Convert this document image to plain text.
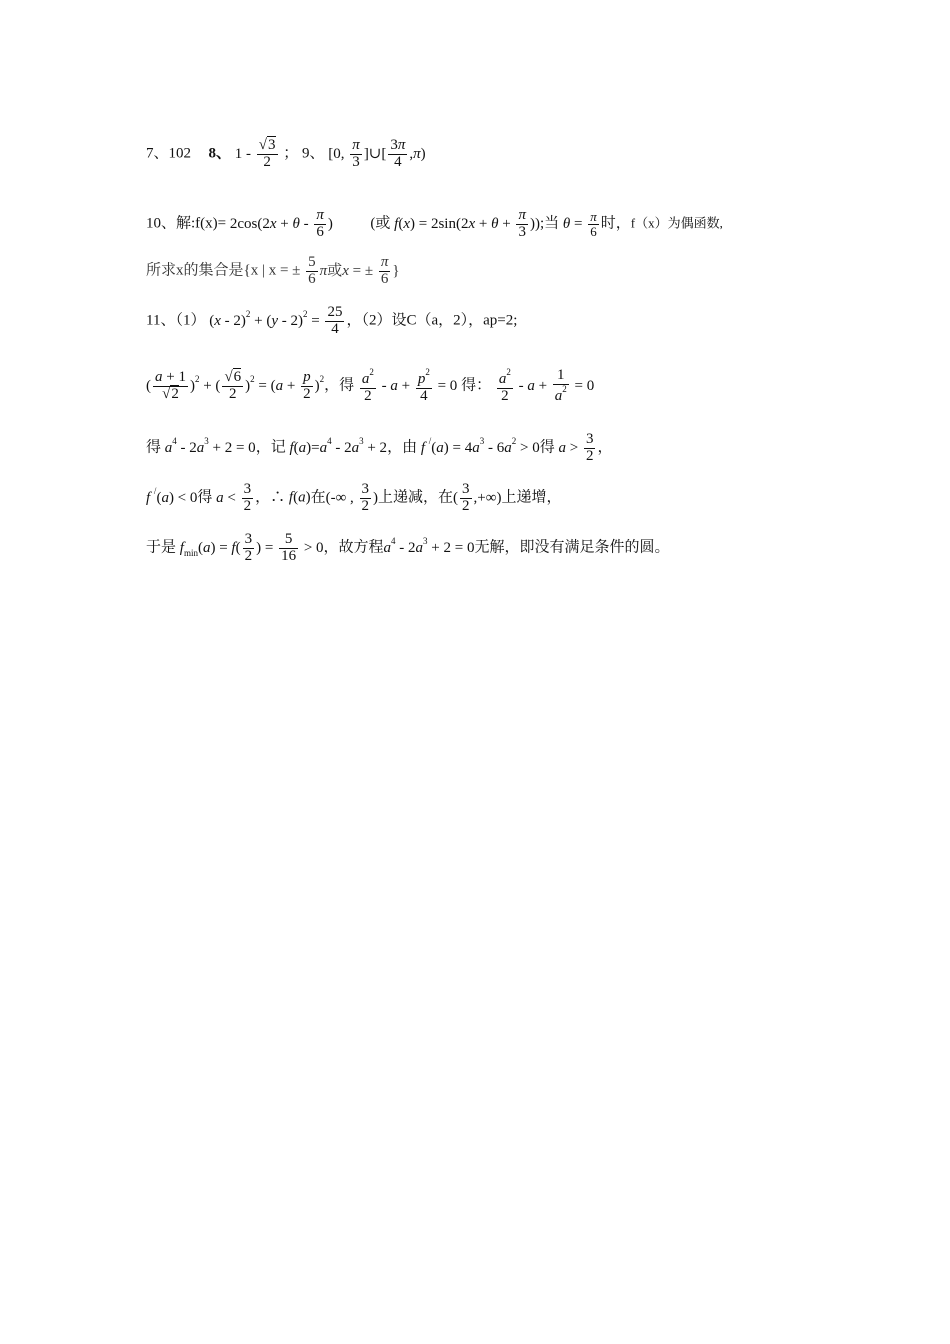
7、102 8、 $1 - \frac{√3}{2}$ ； 9、 [0, $\frac{\pi}{3}$ ]∪[ $\frac{3\pi}{4} ,\pi$)
10、解:f(x)= $2\cos(2x + \theta - \frac{\pi}{6}$ )	(或 $f(x) = 2\sin(2x + \theta + \frac{\pi}{3}$ ));当 $\theta = \frac{\pi}{6}$ 时，f（x）为偶函数,
所求x的集合是{x | x = ± $\frac{5}{6}$ π或x = ± $\frac{\pi}{6}$ }
11、（1） $(x - 2)^2 + (y - 2)^2 = \frac{25}{4}$ ，（2）设C（a，2），ap=2;
( $\frac{a + 1}{√2} )^2$ + ( $\frac{√6}{2} )^2 = (a + \frac{p}{2} )^2$，得 $\frac{a^2}{2} - a + \frac{p^2}{4} = 0$ 得： $\frac{a^2}{2} - a + \frac{1}{a^2} = 0$
得 $a^4 - 2a^3 + 2 = 0$，记 $f(a)=a^4 - 2a^3 + 2$，由 f $^/(a) = 4a^3 - 6a^2 > 0$得 $a > \frac{3}{2}$ ，
f /(a) < 0得 $a < \frac{3}{2}$ ，∴ f(a)在(-∞ , $\frac{3}{2}$ )上递减，在( $\frac{3}{2}$ ,+∞)上递增，
于是 $f_{min}(a) = f( \frac{3}{2}$ ) = $\frac{5}{16} > 0$，故方程$a^4 - 2a^3 + 2 = 0$无解，即没有满足条件的圆。
